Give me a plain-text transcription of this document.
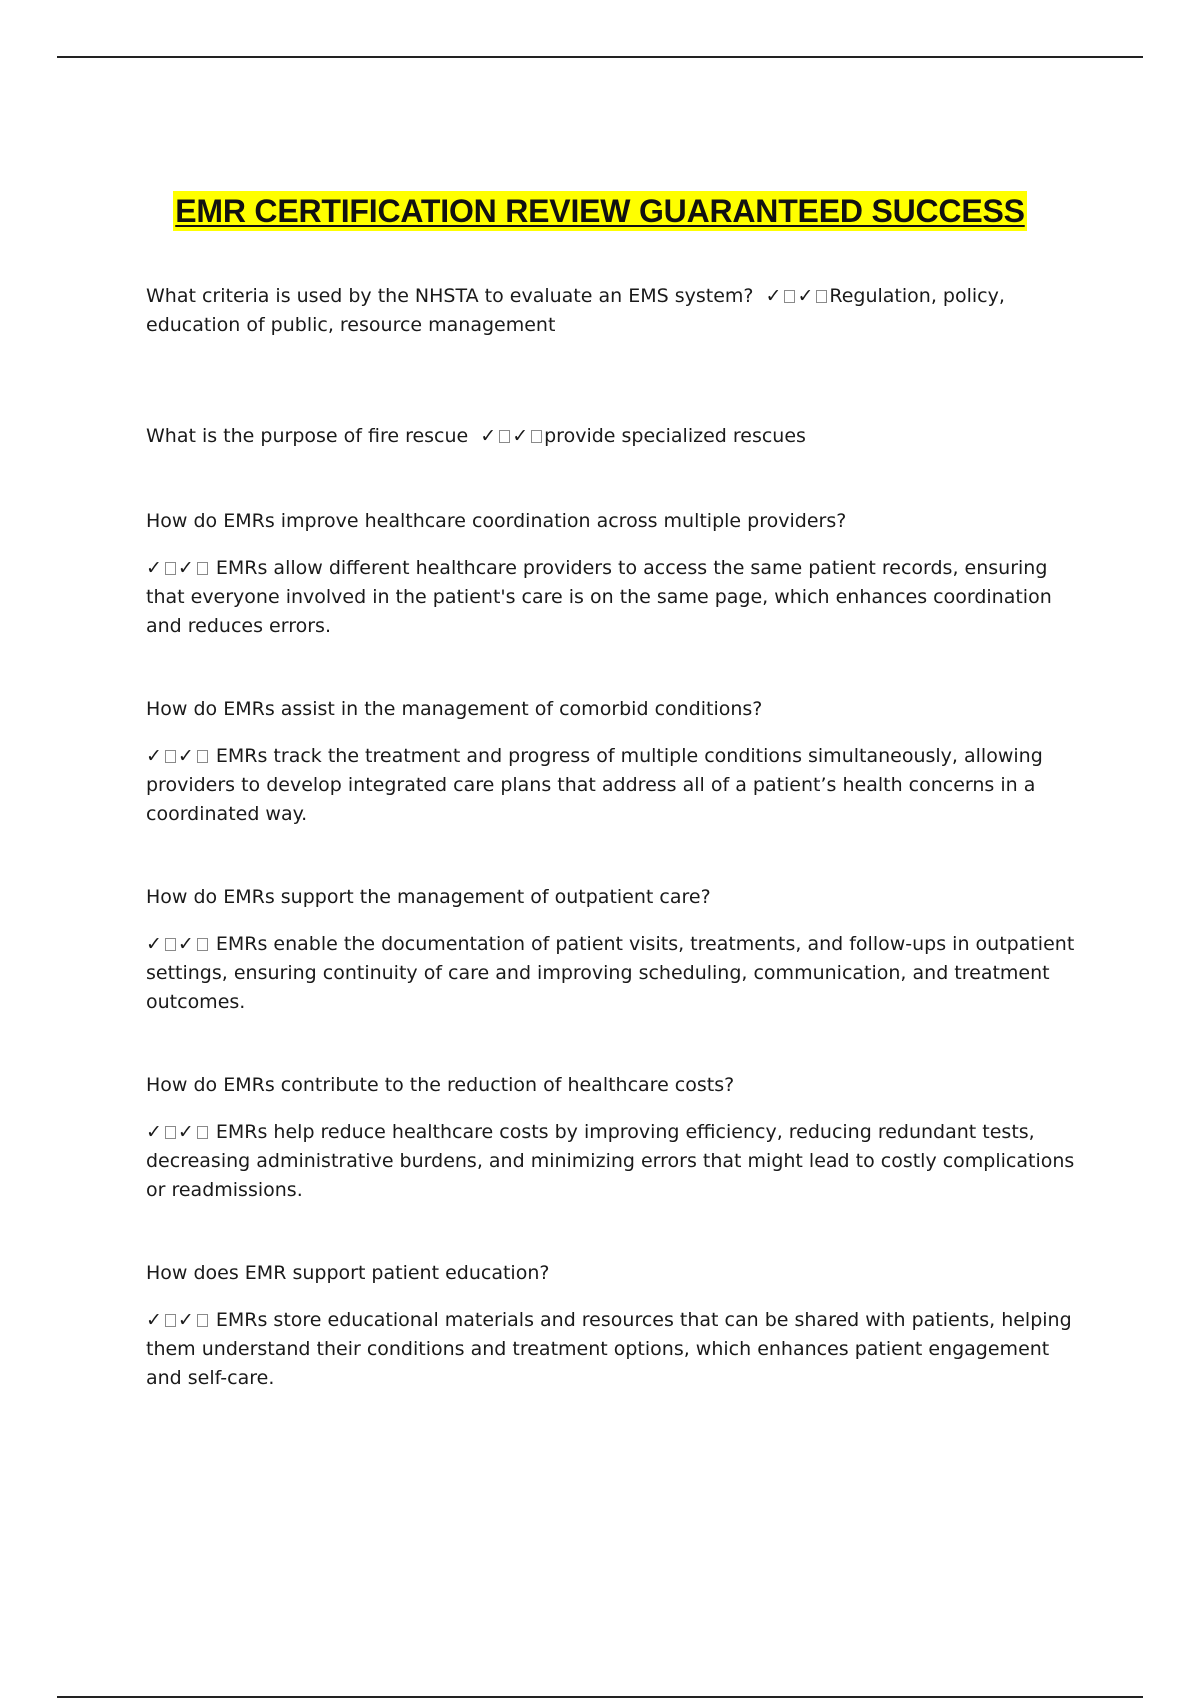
EMR CERTIFICATION REVIEW GUARANTEED SUCCESS

What criteria is used by the NHSTA to evaluate an EMS system? ✓ ✓ Regulation, policy, education of public, resource management

What is the purpose of fire rescue ✓ ✓ provide specialized rescues

How do EMRs improve healthcare coordination across multiple providers?

✓ ✓ EMRs allow different healthcare providers to access the same patient records, ensuring that everyone involved in the patient's care is on the same page, which enhances coordination and reduces errors.

How do EMRs assist in the management of comorbid conditions?

✓ ✓ EMRs track the treatment and progress of multiple conditions simultaneously, allowing providers to develop integrated care plans that address all of a patient’s health concerns in a coordinated way.

How do EMRs support the management of outpatient care?

✓ ✓ EMRs enable the documentation of patient visits, treatments, and follow-ups in outpatient settings, ensuring continuity of care and improving scheduling, communication, and treatment outcomes.

How do EMRs contribute to the reduction of healthcare costs?

✓ ✓ EMRs help reduce healthcare costs by improving efficiency, reducing redundant tests, decreasing administrative burdens, and minimizing errors that might lead to costly complications or readmissions.

How does EMR support patient education?

✓ ✓ EMRs store educational materials and resources that can be shared with patients, helping them understand their conditions and treatment options, which enhances patient engagement and self-care.
